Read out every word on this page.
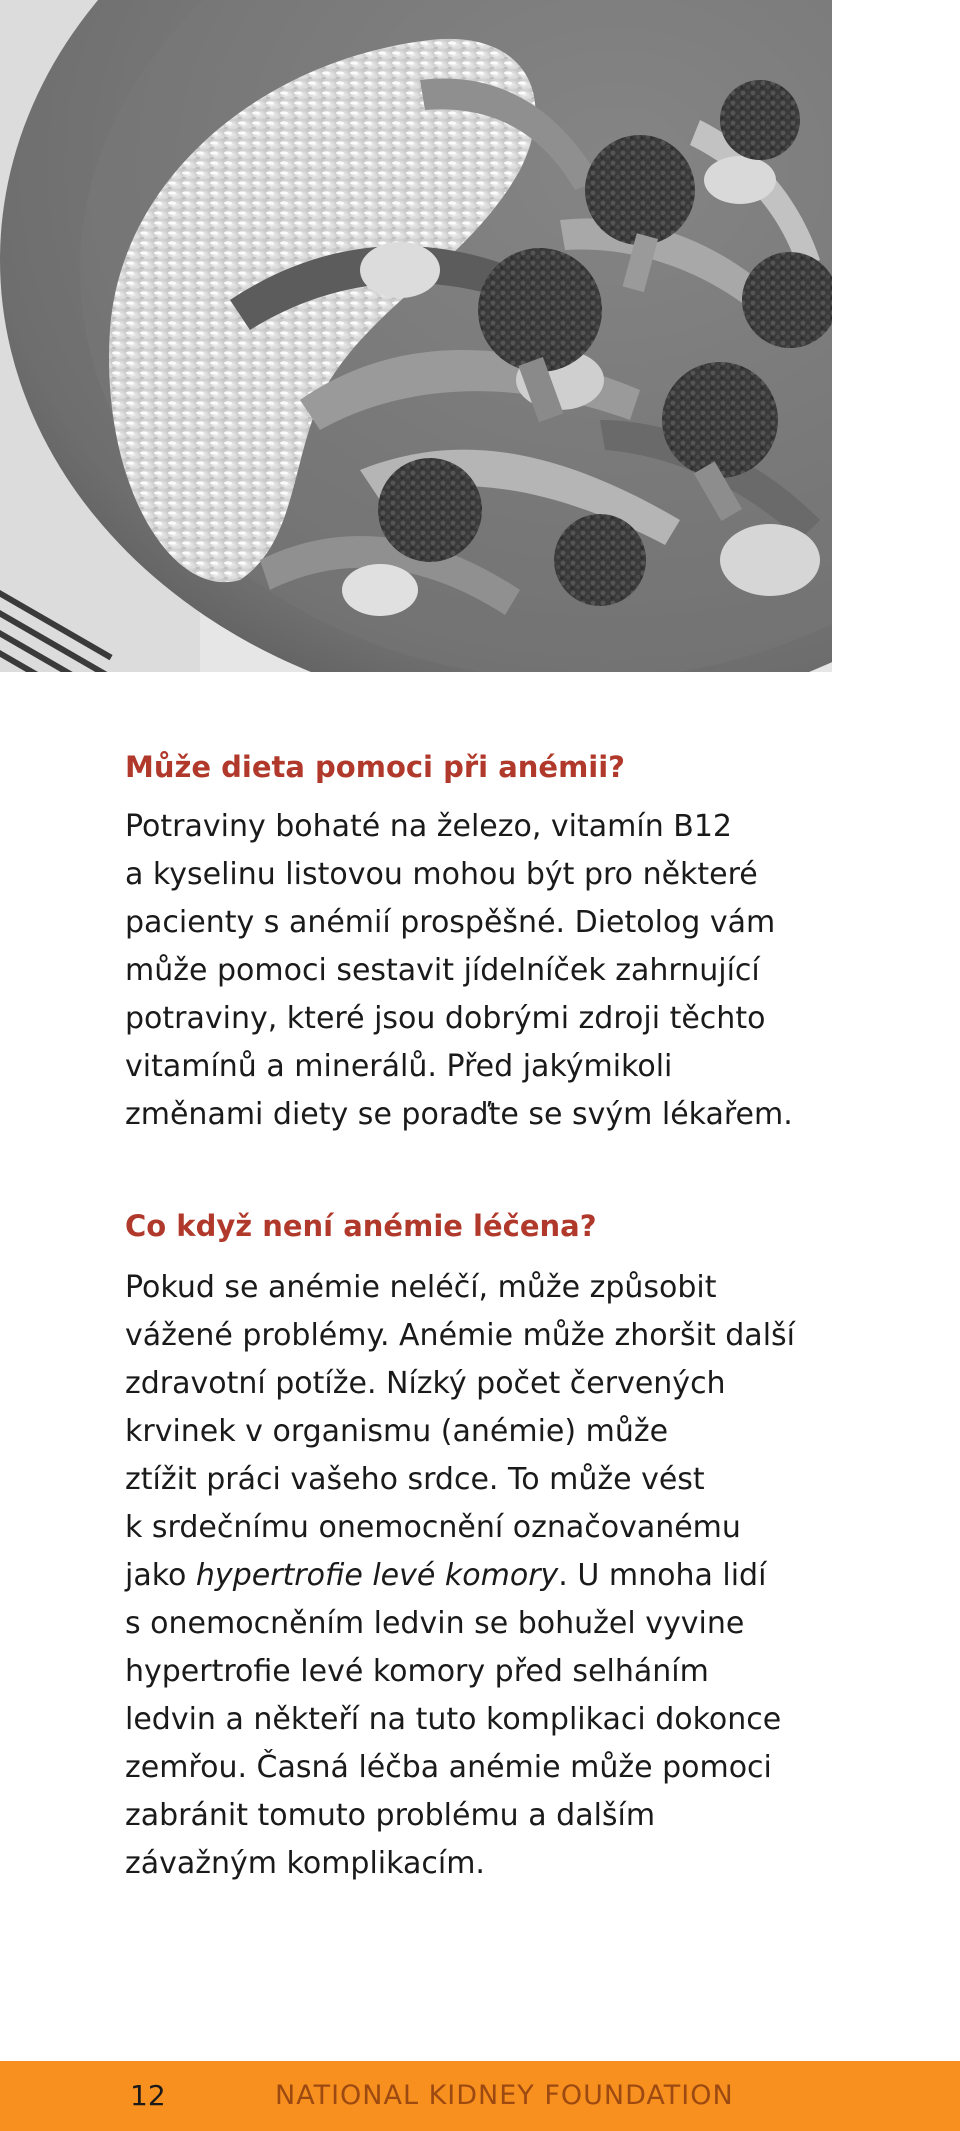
Může dieta pomoci při anémii?

Potraviny bohaté na železo, vitamín B12
a kyselinu listovou mohou být pro některé
pacienty s anémií prospěšné. Dietolog vám
může pomoci sestavit jídelníček zahrnující
potraviny, které jsou dobrými zdroji těchto
vitamínů a minerálů. Před jakýmikoli
změnami diety se poraďte se svým lékařem.

Co když není anémie léčena?

Pokud se anémie neléčí, může způsobit
vážené problémy. Anémie může zhoršit další
zdravotní potíže. Nízký počet červených
krvinek v organismu (anémie) může
ztížit práci vašeho srdce. To může vést
k srdečnímu onemocnění označovanému
jako hypertrofie levé komory. U mnoha lidí
s onemocněním ledvin se bohužel vyvine
hypertrofie levé komory před selháním
ledvin a někteří na tuto komplikaci dokonce
zemřou. Časná léčba anémie může pomoci
zabránit tomuto problému a dalším
závažným komplikacím.

12	NATIONAL KIDNEY FOUNDATION
